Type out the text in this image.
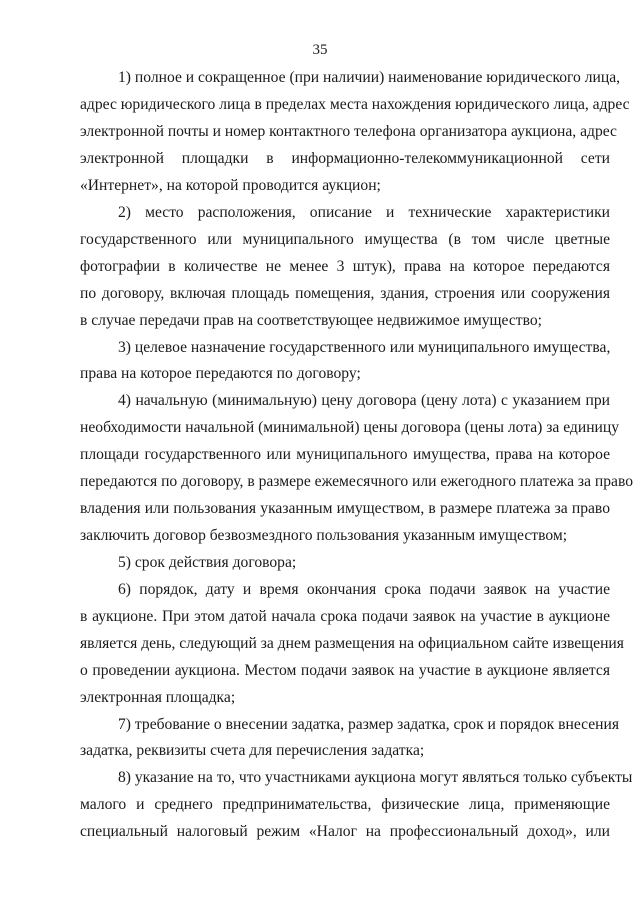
35
1) полное и сокращенное (при наличии) наименование юридического лица,
адрес юридического лица в пределах места нахождения юридического лица, адрес
электронной почты и номер контактного телефона организатора аукциона, адрес
электронной площадки в информационно-телекоммуникационной сети
«Интернет», на которой проводится аукцион;
2) место расположения, описание и технические характеристики
государственного или муниципального имущества (в том числе цветные
фотографии в количестве не менее 3 штук), права на которое передаются
по договору, включая площадь помещения, здания, строения или сооружения
в случае передачи прав на соответствующее недвижимое имущество;
3) целевое назначение государственного или муниципального имущества,
права на которое передаются по договору;
4) начальную (минимальную) цену договора (цену лота) с указанием при
необходимости начальной (минимальной) цены договора (цены лота) за единицу
площади государственного или муниципального имущества, права на которое
передаются по договору, в размере ежемесячного или ежегодного платежа за право
владения или пользования указанным имуществом, в размере платежа за право
заключить договор безвозмездного пользования указанным имуществом;
5) срок действия договора;
6) порядок, дату и время окончания срока подачи заявок на участие
в аукционе. При этом датой начала срока подачи заявок на участие в аукционе
является день, следующий за днем размещения на официальном сайте извещения
о проведении аукциона. Местом подачи заявок на участие в аукционе является
электронная площадка;
7) требование о внесении задатка, размер задатка, срок и порядок внесения
задатка, реквизиты счета для перечисления задатка;
8) указание на то, что участниками аукциона могут являться только субъекты
малого и среднего предпринимательства, физические лица, применяющие
специальный налоговый режим «Налог на профессиональный доход», или
